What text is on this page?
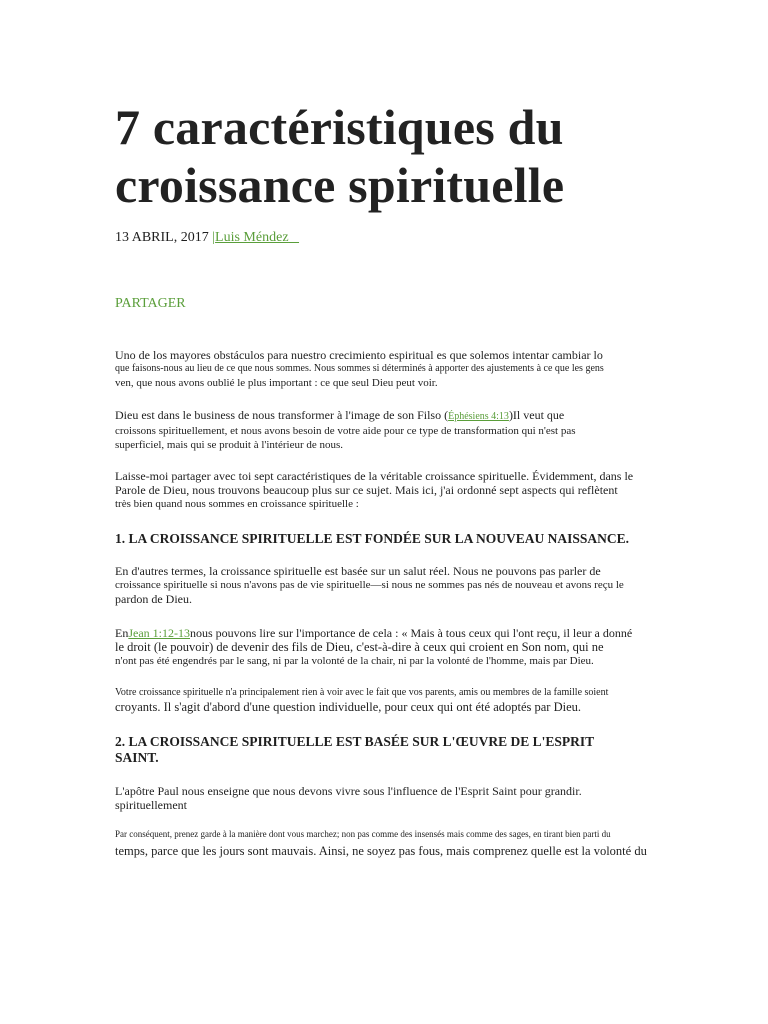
7 caractéristiques du croissance spirituelle
13 ABRIL, 2017 |Luis Méndez
PARTAGER
Uno de los mayores obstáculos para nuestro crecimiento espiritual es que solemos intentar cambiar lo
que faisons-nous au lieu de ce que nous sommes. Nous sommes si déterminés à apporter des ajustements à ce que les gens
ven, que nous avons oublié le plus important : ce que seul Dieu peut voir.
Dieu est dans le business de nous transformer à l'image de son Filso (Éphésiens 4:13)Il veut que
croissons spirituellement, et nous avons besoin de votre aide pour ce type de transformation qui n'est pas
superficiel, mais qui se produit à l'intérieur de nous.
Laisse-moi partager avec toi sept caractéristiques de la véritable croissance spirituelle. Évidemment, dans le
Parole de Dieu, nous trouvons beaucoup plus sur ce sujet. Mais ici, j'ai ordonné sept aspects qui reflètent
très bien quand nous sommes en croissance spirituelle :
1. LA CROISSANCE SPIRITUELLE EST FONDÉE SUR LA NOUVEAU NAISSANCE.
En d'autres termes, la croissance spirituelle est basée sur un salut réel. Nous ne pouvons pas parler de
croissance spirituelle si nous n'avons pas de vie spirituelle—si nous ne sommes pas nés de nouveau et avons reçu le
pardon de Dieu.
EnJean 1:12-13nous pouvons lire sur l'importance de cela : « Mais à tous ceux qui l'ont reçu, il leur a donné
le droit (le pouvoir) de devenir des fils de Dieu, c'est-à-dire à ceux qui croient en Son nom, qui ne
n'ont pas été engendrés par le sang, ni par la volonté de la chair, ni par la volonté de l'homme, mais par Dieu.
Votre croissance spirituelle n'a principalement rien à voir avec le fait que vos parents, amis ou membres de la famille soient
croyants. Il s'agit d'abord d'une question individuelle, pour ceux qui ont été adoptés par Dieu.
2. LA CROISSANCE SPIRITUELLE EST BASÉE SUR L'ŒUVRE DE L'ESPRIT
SAINT.
L'apôtre Paul nous enseigne que nous devons vivre sous l'influence de l'Esprit Saint pour grandir.
spirituellement
Par conséquent, prenez garde à la manière dont vous marchez; non pas comme des insensés mais comme des sages, en tirant bien parti du
temps, parce que les jours sont mauvais. Ainsi, ne soyez pas fous, mais comprenez quelle est la volonté du
